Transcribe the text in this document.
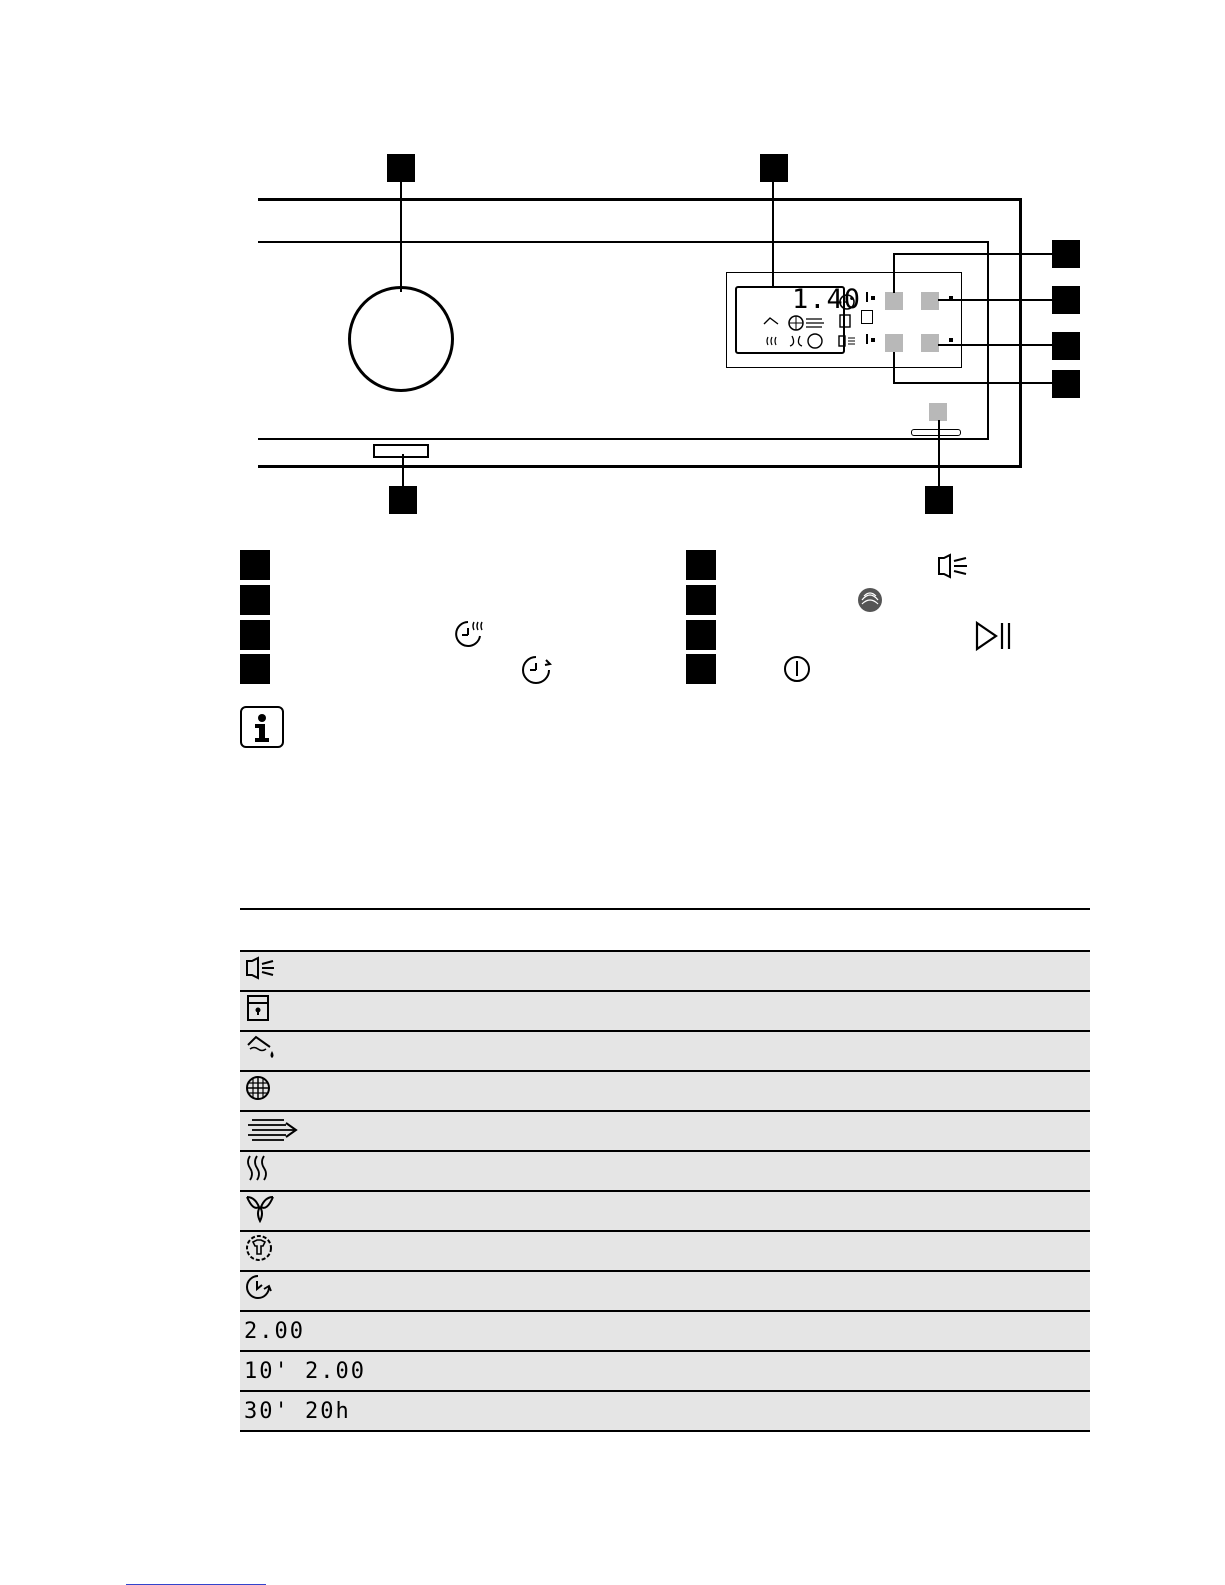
1.40

2.00	
10' 2.00	
30' 20h	
